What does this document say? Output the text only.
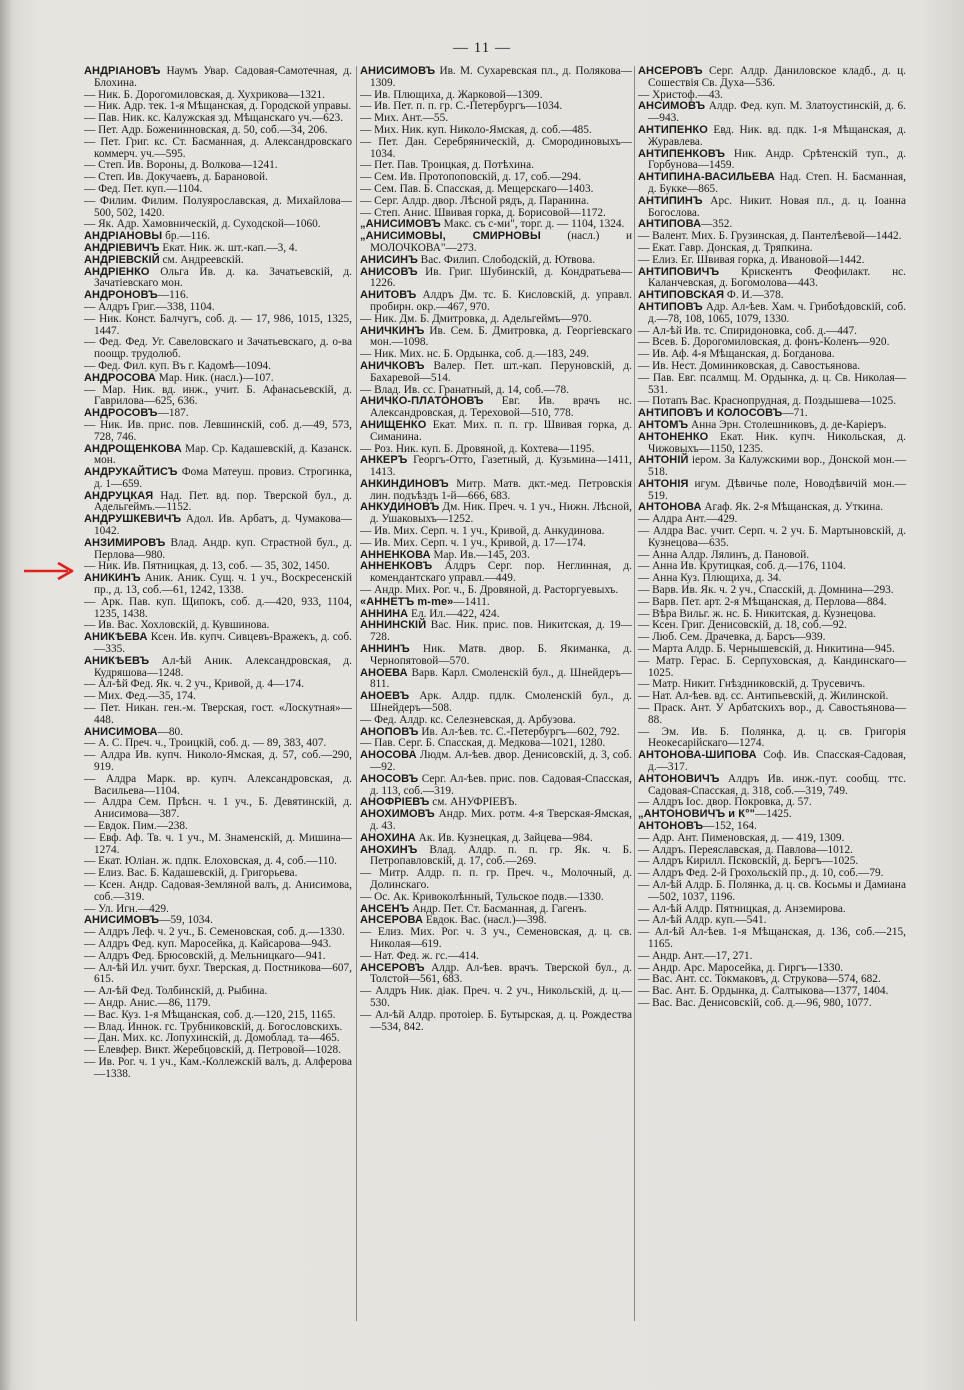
— 11 —

АНДРІАНОВЪ Наумъ Увар. Садовая-Самотечная, д. Блохина.

— Ник. Б. Дорогомиловская, д. Хухрикова—1321.

— Ник. Адр. тек. 1-я Мѣщанская, д. Городской управы.

— Пав. Ник. кс. Калужская зд. Мѣщанскаго уч.—623.

— Пет. Адр. Боженинновская, д. 50, соб.—34, 206.

— Пет. Григ. кс. Ст. Басманная, д. Александровскаго коммерч. уч.—595.

— Степ. Ив. Вороны, д. Волкова—1241.

— Степ. Ив. Докучаевъ, д. Барановой.

— Фед. Пет. куп.—1104.

— Филим. Филим. Полуярославская, д. Михайлова—500, 502, 1420.

— Як. Адр. Хамовническій, д. Суходской—1060.

АНДРІАНОВЫ бр.—116.

АНДРІЕВИЧЪ Екат. Ник. ж. шт.-кап.—3, 4.

АНДРІЕВСКІЙ см. Андреевскій.

АНДРІЕНКО Ольга Ив. д. ка. Зачатьевскій, д. Зачатіевскаго мон.

АНДРОНОВЪ—116.

— Алдръ Григ.—338, 1104.

— Ник. Конст. Балчугъ, соб. д. — 17, 986, 1015, 1325, 1447.

— Фед. Фед. Уг. Савеловскаго и Зачатьевскаго, д. о-ва поощр. трудолюб.

— Фед. Фил. куп. Въ г. Кадомѣ—1094.

АНДРОСОВА Мар. Ник. (насл.)—107.

— Мар. Ник. вд. инж., учит. Б. Афанасьевскій, д. Гаврилова—625, 636.

АНДРОСОВЪ—187.

— Ник. Ив. прис. пов. Левшинскій, соб. д.—49, 573, 728, 746.

АНДРОЩЕНКОВА Мар. Ср. Кадашевскій, д. Казанск. мон.

АНДРУКАЙТИСЪ Фома Матеуш. провиз. Строгинка, д. 1—659.

АНДРУЦКАЯ Над. Пет. вд. пор. Тверской бул., д. Адельгеймъ.—1152.

АНДРУШКЕВИЧЪ Адол. Ив. Арбатъ, д. Чумакова—1042.

АНЗИМИРОВЪ Влад. Андр. куп. Страстной бул., д. Перлова—980.

— Ник. Ив. Пятницкая, д. 13, соб. — 35, 302, 1450.

АНИКИНЪ Аник. Аник. Сущ. ч. 1 уч., Воскресенскій пр., д. 13, соб.—61, 1242, 1338.

— Арк. Пав. куп. Щипокъ, соб. д.—420, 933, 1104, 1235, 1438.

— Ив. Вас. Хохловскій, д. Кувшинова.

АНИКѢЕВА Ксен. Ив. купч. Сивцевъ-Вражекъ, д. соб.—335.

АНИКѢЕВЪ Ал-ѣй Аник. Александровская, д. Кудряшова—1248.

— Ал-ѣй Фед. Як. ч. 2 уч., Кривой, д. 4—174.

— Мих. Фед.—35, 174.

— Пет. Никан. ген.-м. Тверская, гост. «Лоскутная»—448.

АНИСИМОВА—80.

— А. С. Преч. ч., Троицкій, соб. д. — 89, 383, 407.

— Алдра Ив. купч. Николо-Ямская, д. 57, соб.—290, 919.

— Алдра Марк. вр. купч. Александровская, д. Васильева—1104.

— Алдра Сем. Прѣсн. ч. 1 уч., Б. Девятинскій, д. Анисимова—387.

— Евдок. Пим.—238.

— Евф. Аф. Тв. ч. 1 уч., М. Знаменскій, д. Мишина—1274.

— Екат. Юліан. ж. пдпк. Елоховская, д. 4, соб.—110.

— Елиз. Вас. Б. Кадашевскій, д. Григорьева.

— Ксен. Андр. Садовая-Земляной валъ, д. Анисимова, соб.—319.

— Ул. Игн.—429.

АНИСИМОВЪ—59, 1034.

— Алдръ Леф. ч. 2 уч., Б. Семеновская, соб. д.—1330.

— Алдръ Фед. куп. Маросейка, д. Кайсарова—943.

— Алдръ Фед. Брюсовскій, д. Мельницкаго—941.

— Ал-ѣй Ил. учит. бухг. Тверская, д. Постникова—607, 615.

— Ал-ѣй Фед. Толбинскій, д. Рыбина.

— Андр. Анис.—86, 1179.

— Вас. Куз. 1-я Мѣщанская, соб. д.—120, 215, 1165.

— Влад. Иннок. гс. Трубниковскій, д. Богословскихъ.

— Дан. Мих. кс. Лопухинскій, д. Домоблад. та—465.

— Елевфер. Викт. Жеребцовскій, д. Петровой—1028.

— Ив. Рог. ч. 1 уч., Кам.-Коллежскій валъ, д. Алферова—1338.

АНИСИМОВЪ Ив. М. Сухаревская пл., д. Полякова—1309.

— Ив. Плющиха, д. Жарковой—1309.

— Ив. Пет. п. п. гр. С.-Петербургъ—1034.

— Мих. Ант.—55.

— Мих. Ник. куп. Николо-Ямская, д. соб.—485.

— Пет. Дан. Серебряническій, д. Смородиновыхъ—1034.

— Пет. Пав. Троицкая, д. Потѣхина.

— Сем. Ив. Протопоповскій, д. 17, соб.—294.

— Сем. Пав. Б. Спасская, д. Мещерскаго—1403.

— Серг. Алдр. двор. Лѣсной рядъ, д. Паранина.

— Степ. Анис. Швивая горка, д. Борисовой—1172.

„АНИСИМОВЪ Макс. съ с-ми", торг. д. — 1104, 1324.

„АНИСИМОВЫ, СМИРНОВЫ (насл.) и МОЛОЧКОВА"—273.

АНИСИНЪ Вас. Филип. Слободскій, д. Ютвова.

АНИСОВЪ Ив. Григ. Шубинскій, д. Кондратьева—1226.

АНИТОВЪ Алдръ Дм. тс. Б. Кисловскій, д. управл. пробирн. окр.—467, 970.

— Ник. Дм. Б. Дмитровка, д. Адельгеймъ—970.

АНИЧКИНЪ Ив. Сем. Б. Дмитровка, д. Георгіевскаго мон.—1098.

— Ник. Мих. нс. Б. Ордынка, соб. д.—183, 249.

АНИЧКОВЪ Валер. Пет. шт.-кап. Перуновскій, д. Бахаревой—514.

— Влад. Ив. сс. Гранатный, д. 14, соб.—78.

АНИЧКО-ПЛАТОНОВЪ Евг. Ив. врачъ нс. Александровская, д. Тереховой—510, 778.

АНИЩЕНКО Екат. Мих. п. п. гр. Швивая горка, д. Симанина.

— Роз. Ник. куп. Б. Дровяной, д. Кохтева—1195.

АНКЕРЪ Георгъ-Отто, Газетный, д. Кузьмина—1411, 1413.

АНКИНДИНОВЪ Митр. Матв. дкт.-мед. Петровскія лин. подъѣздъ 1-й—666, 683.

АНКУДИНОВЪ Дм. Ник. Преч. ч. 1 уч., Нижн. Лѣсной, д. Ушаковыхъ—1252.

— Ив. Мих. Серп. ч. 1 уч., Кривой, д. Анкудинова.

— Ив. Мих. Серп. ч. 1 уч., Кривой, д. 17—174.

АННЕНКОВА Мар. Ив.—145, 203.

АННЕНКОВЪ Алдръ Серг. пор. Неглинная, д. комендантскаго управл.—449.

— Андр. Мих. Рог. ч., Б. Дровяной, д. Расторгуевыхъ.

«АННЕТЪ m-me»—1411.

АННИНА Ел. Ил.—422, 424.

АННИНСКІЙ Вас. Ник. прис. пов. Никитская, д. 19—728.

АННИНЪ Ник. Матв. двор. Б. Якиманка, д. Чернопятовой—570.

АНОЕВА Варв. Карл. Смоленскій бул., д. Шнейдеръ—811.

АНОЕВЪ Арк. Алдр. пдлк. Смоленскій бул., д. Шнейдеръ—508.

— Фед. Алдр. кс. Селезневская, д. Арбузова.

АНОПОВЪ Ив. Ал-ѣев. тс. С.-Петербургъ—602, 792.

— Пав. Серг. Б. Спасская, д. Медкова—1021, 1280.

АНОСОВА Людм. Ал-ѣев. двор. Денисовскій, д. 3, соб.—92.

АНОСОВЪ Серг. Ал-ѣев. прис. пов. Садовая-Спасская, д. 113, соб.—319.

АНОФРІЕВЪ см. АНУФРІЕВЪ.

АНОХИМОВЪ Андр. Мих. ротм. 4-я Тверская-Ямская, д. 43.

АНОХИНА Ак. Ив. Кузнецкая, д. Зайцева—984.

АНОХИНЪ Влад. Алдр. п. п. гр. Як. ч. Б. Петропавловскій, д. 17, соб.—269.

— Митр. Алдр. п. п. гр. Преч. ч., Молочный, д. Долинскаго.

— Ос. Ак. Кривоколѣнный, Тульское подв.—1330.

АНСЕНЪ Андр. Пет. Ст. Басманная, д. Гагенъ.

АНСЕРОВА Евдок. Вас. (насл.)—398.

— Елиз. Мих. Рог. ч. 3 уч., Семеновская, д. ц. св. Николая—619.

— Нат. Фед. ж. гс.—414.

АНСЕРОВЪ Алдр. Ал-ѣев. врачъ. Тверской бул., д. Толстой—561, 683.

— Алдръ Ник. діак. Преч. ч. 2 уч., Никольскій, д. ц.—530.

— Ал-ѣй Алдр. протоіер. Б. Бутырская, д. ц. Рождества—534, 842.

АНСЕРОВЪ Серг. Алдр. Даниловское кладб., д. ц. Сошествія Св. Духа—536.

— Христоф.—43.

АНСИМОВЪ Алдр. Фед. куп. М. Златоустинскій, д. 6.—943.

АНТИПЕНКО Евд. Ник. вд. пдк. 1-я Мѣщанская, д. Журавлева.

АНТИПЕНКОВЪ Ник. Андр. Срѣтенскій туп., д. Горбунова—1459.

АНТИПИНА-ВАСИЛЬЕВА Над. Степ. Н. Басманная, д. Букке—865.

АНТИПИНЪ Арс. Никит. Новая пл., д. ц. Іоанна Богослова.

АНТИПОВА—352.

— Валент. Мих. Б. Грузинская, д. Пантелѣевой—1442.

— Екат. Гавр. Донская, д. Тряпкина.

— Елиз. Ег. Швивая горка, д. Ивановой—1442.

АНТИПОВИЧЪ Крискентъ Феофилакт. нс. Каланчевская, д. Богомолова—443.

АНТИПОВСКАЯ Ф. И.—378.

АНТИПОВЪ Адр. Ал-ѣев. Хам. ч. Грибоѣдовскій, соб. д.—78, 108, 1065, 1079, 1330.

— Ал-ѣй Ив. тс. Спиридоновка, соб. д.—447.

— Всев. Б. Дорогомиловская, д. фонъ-Коленъ—920.

— Ив. Аф. 4-я Мѣщанская, д. Богданова.

— Ив. Нест. Доминиковская, д. Савостьянова.

— Пав. Евг. псалмщ. М. Ордынка, д. ц. Св. Николая—531.

— Потапъ Вас. Краснопрудная, д. Поздышева—1025.

АНТИПОВЪ И КОЛОСОВЪ—71.

АНТОМЪ Анна Эрн. Столешниковъ, д. де-Каріеръ.

АНТОНЕНКО Екат. Ник. купч. Никольская, д. Чижовыхъ—1150, 1235.

АНТОНІЙ іером. За Калужскими вор., Донской мон.—518.

АНТОНІЯ игум. Дѣвичье поле, Новодѣвичій мон.—519.

АНТОНОВА Агаф. Як. 2-я Мѣщанская, д. Уткина.

— Алдра Ант.—429.

— Алдра Вас. учит. Серп. ч. 2 уч. Б. Мартыновскій, д. Кузнецова—635.

— Анна Алдр. Лялинъ, д. Пановой.

— Анна Ив. Крутицкая, соб. д.—176, 1104.

— Анна Куз. Плющиха, д. 34.

— Варв. Ив. Як. ч. 2 уч., Спасскій, д. Домнина—293.

— Варв. Пет. арт. 2-я Мѣщанская, д. Перлова—884.

— Вѣра Вильг. ж. нс. Б. Никитская, д. Кузнецова.

— Ксен. Григ. Денисовскій, д. 18, соб.—92.

— Люб. Сем. Драчевка, д. Барсъ—939.

— Марта Алдр. Б. Чернышевскій, д. Никитина—945.

— Матр. Герас. Б. Серпуховская, д. Кандинскаго—1025.

— Матр. Никит. Гнѣздниковскій, д. Трусевичъ.

— Нат. Ал-ѣев. вд. сс. Антипьевскій, д. Жилинской.

— Праск. Ант. У Арбатскихъ вор., д. Савостьянова—88.

— Эм. Ив. Б. Полянка, д. ц. св. Григорія Неокесарійскаго—1274.

АНТОНОВА-ШИПОВА Соф. Ив. Спасская-Садовая, д.—317.

АНТОНОВИЧЪ Алдръ Ив. инж.-пут. сообщ. ттс. Садовая-Спасская, д. 318, соб.—319, 749.

— Алдръ Іос. двор. Покровка, д. 57.

„АНТОНОВИЧЪ и К°"—1425.

АНТОНОВЪ—152, 164.

— Адр. Ант. Пименовская, д. — 419, 1309.

— Алдръ. Переяславская, д. Павлова—1012.

— Алдръ Кирилл. Псковскій, д. Бергъ—1025.

— Алдръ Фед. 2-й Грохольскій пр., д. 10, соб.—79.

— Ал-ѣй Алдр. Б. Полянка, д. ц. св. Косьмы и Дамиана—502, 1037, 1196.

— Ал-ѣй Алдр. Пятницкая, д. Анземирова.

— Ал-ѣй Алдр. куп.—541.

— Ал-ѣй Ал-ѣев. 1-я Мѣщанская, д. 136, соб.—215, 1165.

— Андр. Ант.—17, 271.

— Андр. Арс. Маросейка, д. Гиргъ—1330.

— Вас. Ант. сс. Токмаковъ, д. Струкова—574, 682.

— Вас. Ант. Б. Ордынка, д. Салтыкова—1377, 1404.

— Вас. Вас. Денисовскій, соб. д.—96, 980, 1077.
